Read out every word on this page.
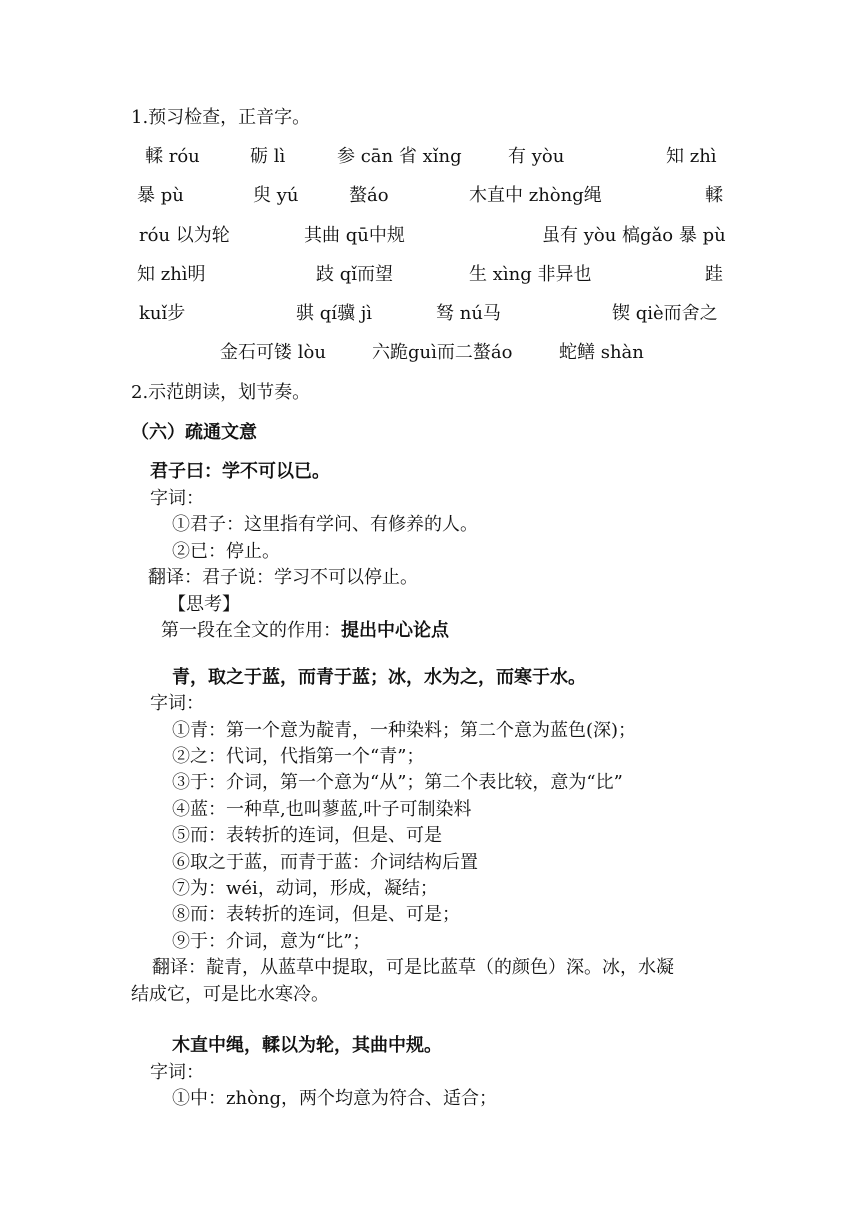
1.预习检查，正音字。
輮 róu	砺 lì	参 cān 省 xǐng	有 yòu	知 zhì
暴 pù	臾 yú	螯áo	木直中 zhòng绳	輮
róu 以为轮	其曲 qū中规	虽有 yòu 槁gǎo 暴 pù
知 zhì明	跂 qǐ而望	生 xìng 非异也	跬
kuǐ步	骐 qí骥 jì	驽 nú马	锲 qiè而舍之
金石可镂 lòu	六跪guì而二螯áo	蛇鳝 shàn
2.示范朗读，划节奏。
（六）疏通文意
君子曰：学不可以已。
字词：
①君子：这里指有学问、有修养的人。
②已：停止。
翻译：君子说：学习不可以停止。
【思考】
第一段在全文的作用：提出中心论点
青，取之于蓝，而青于蓝；冰，水为之，而寒于水。
字词：
①青：第一个意为靛青，一种染料；第二个意为蓝色(深)；
②之：代词，代指第一个“青”；
③于：介词，第一个意为“从”；第二个表比较，意为“比”
④蓝：一种草,也叫蓼蓝,叶子可制染料
⑤而：表转折的连词，但是、可是
⑥取之于蓝，而青于蓝：介词结构后置
⑦为：wéi，动词，形成，凝结；
⑧而：表转折的连词，但是、可是；
⑨于：介词，意为“比”；
翻译：靛青，从蓝草中提取，可是比蓝草（的颜色）深。冰，水凝
结成它，可是比水寒冷。
木直中绳，輮以为轮，其曲中规。
字词：
①中：zhòng，两个均意为符合、适合；
